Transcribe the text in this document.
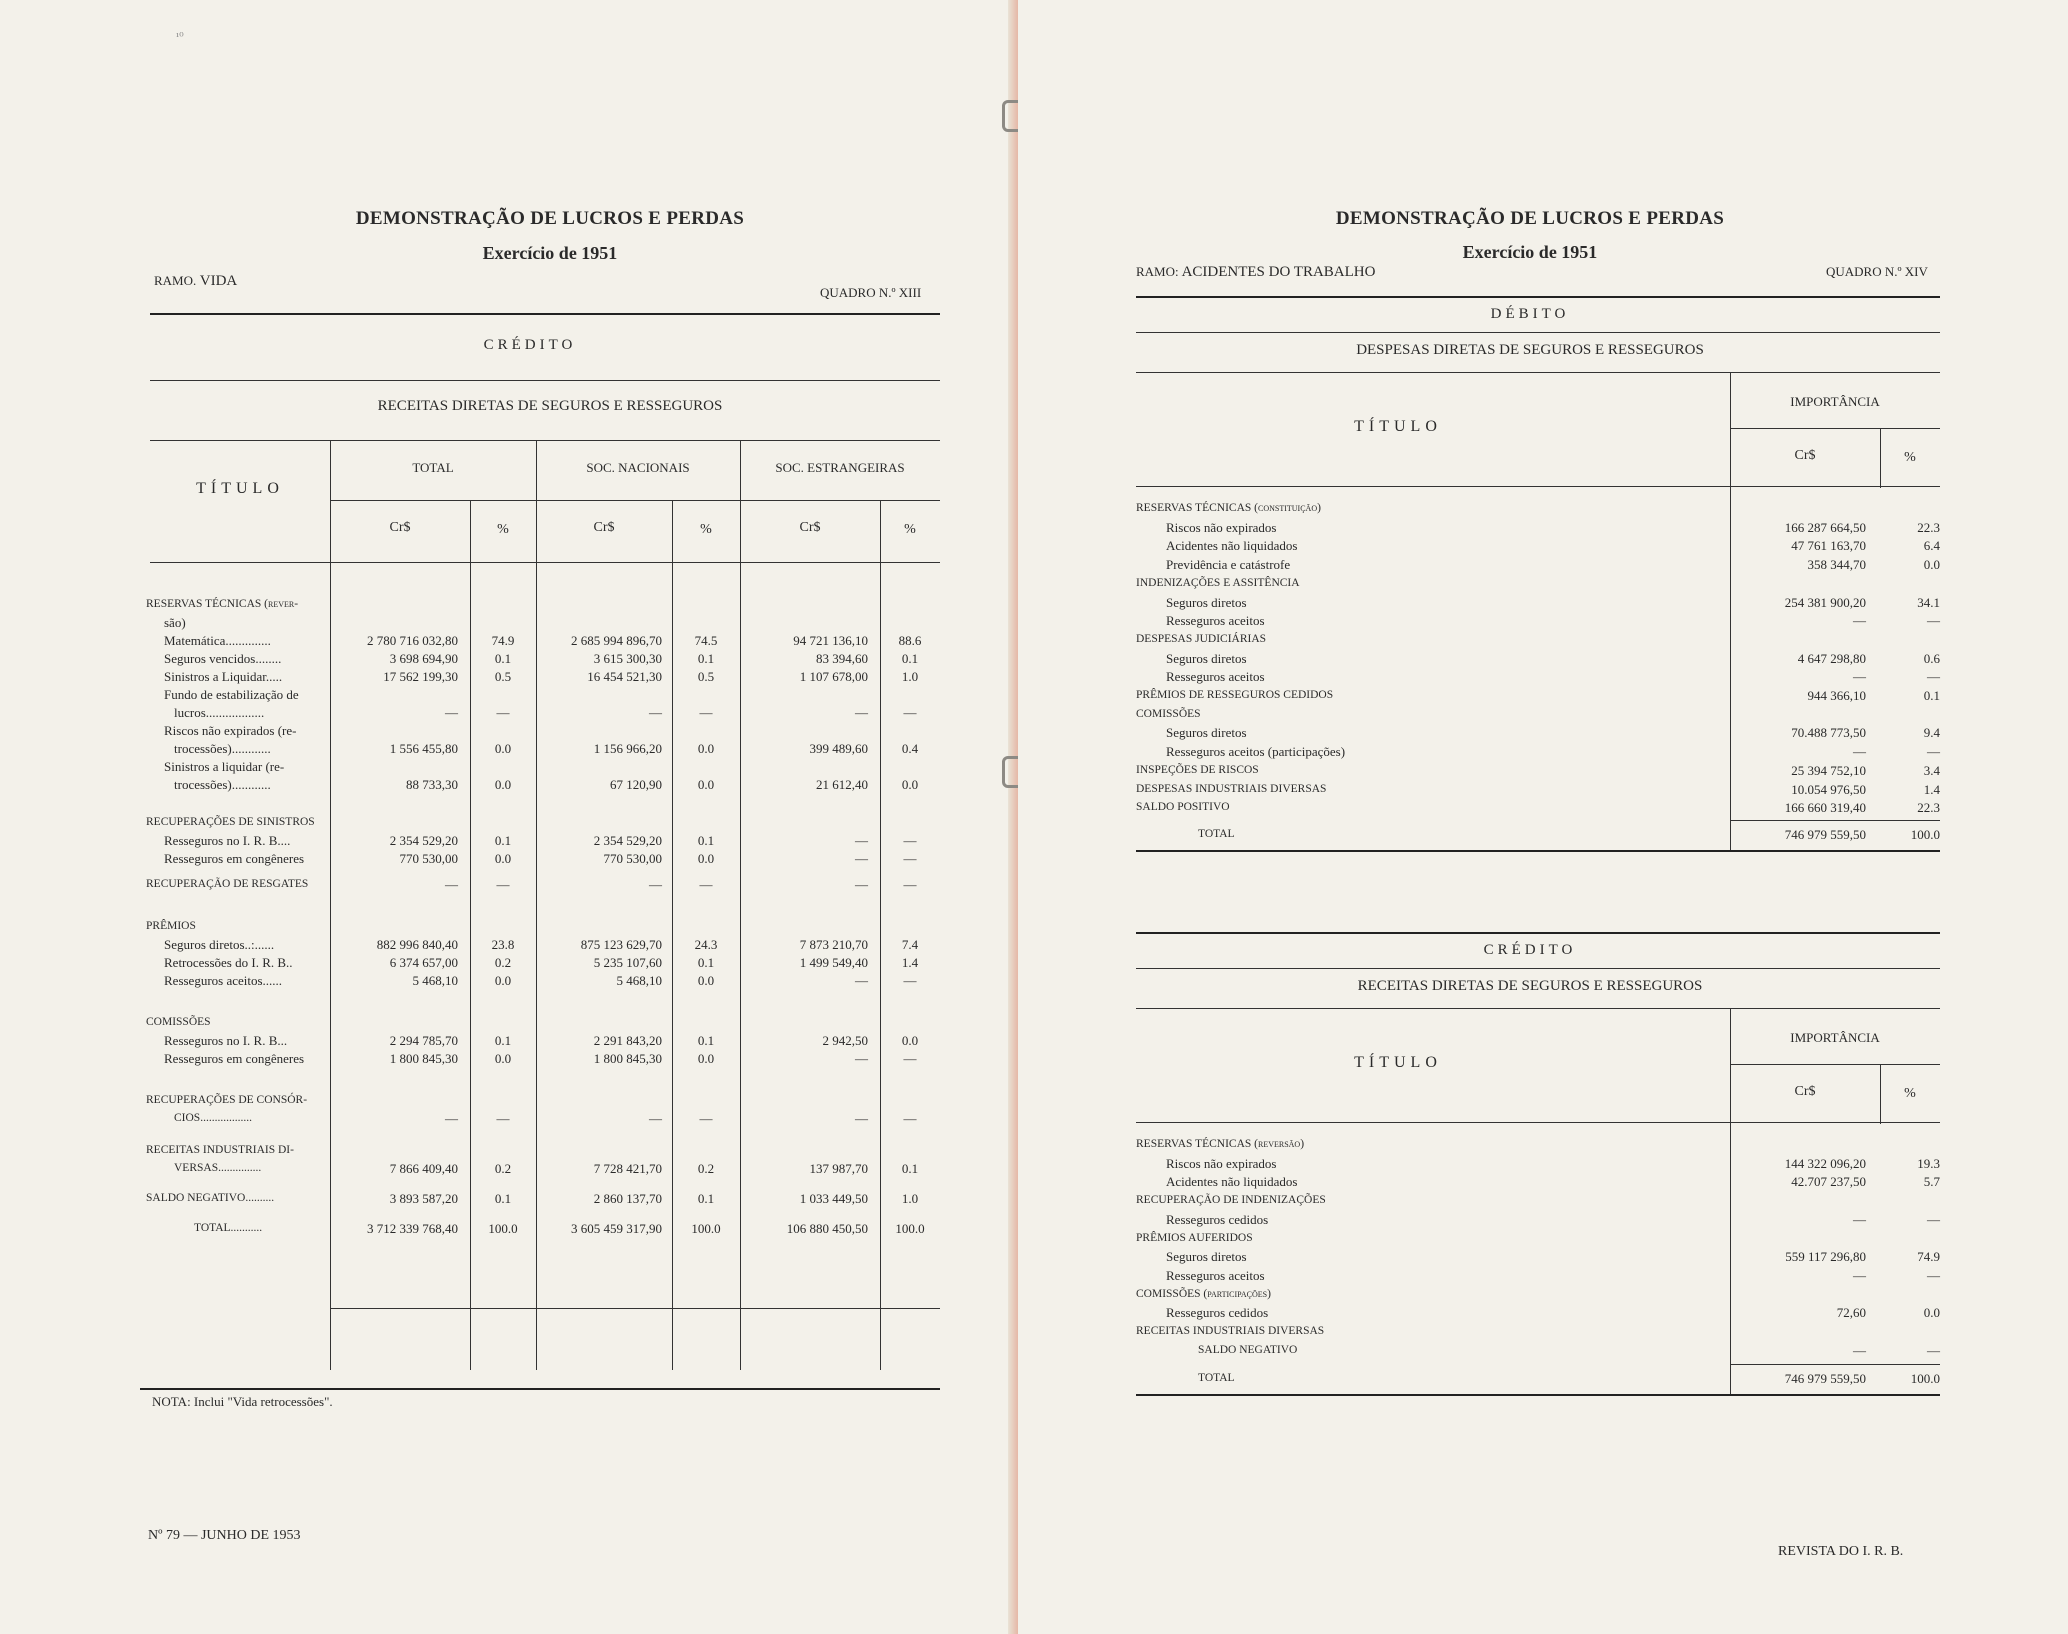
¹⁰
DEMONSTRAÇÃO DE LUCROS E PERDAS
Exercício de 1951
RAMO. VIDA
QUADRO N.º XIII
CRÉDITO
RECEITAS DIRETAS DE SEGUROS E RESSEGUROS
TÍTULO
TOTAL	SOC. NACIONAIS	SOC. ESTRANGEIRAS
Cr$	%	Cr$	%	Cr$	%
RESERVAS TÉCNICAS (rever-
são)
Matemática..............	2 780 716 032,80	74.9	2 685 994 896,70	74.5	94 721 136,10	88.6
Seguros vencidos........	3 698 694,90	0.1	3 615 300,30	0.1	83 394,60	0.1
Sinistros a Liquidar.....	17 562 199,30	0.5	16 454 521,30	0.5	1 107 678,00	1.0
Fundo de estabilização de
lucros..................	—	—	—	—	—	—
Riscos não expirados (re-
trocessões)............	1 556 455,80	0.0	1 156 966,20	0.0	399 489,60	0.4
Sinistros a liquidar (re-
trocessões)............	88 733,30	0.0	67 120,90	0.0	21 612,40	0.0
RECUPERAÇÕES DE SINISTROS
Resseguros no I. R. B....	2 354 529,20	0.1	2 354 529,20	0.1	—	—
Resseguros em congêneres	770 530,00	0.0	770 530,00	0.0	—	—
RECUPERAÇÃO DE RESGATES	—	—	—	—	—	—
PRÊMIOS
Seguros diretos..:......	882 996 840,40	23.8	875 123 629,70	24.3	7 873 210,70	7.4
Retrocessões do I. R. B..	6 374 657,00	0.2	5 235 107,60	0.1	1 499 549,40	1.4
Resseguros aceitos......	5 468,10	0.0	5 468,10	0.0	—	—
COMISSÕES
Resseguros no I. R. B...	2 294 785,70	0.1	2 291 843,20	0.1	2 942,50	0.0
Resseguros em congêneres	1 800 845,30	0.0	1 800 845,30	0.0	—	—
RECUPERAÇÕES DE CONSÓR-
CIOS..................	—	—	—	—	—	—
RECEITAS INDUSTRIAIS DI-
VERSAS...............	7 866 409,40	0.2	7 728 421,70	0.2	137 987,70	0.1
SALDO NEGATIVO..........	3 893 587,20	0.1	2 860 137,70	0.1	1 033 449,50	1.0
TOTAL...........	3 712 339 768,40	100.0	3 605 459 317,90	100.0	106 880 450,50	100.0
NOTA: Inclui "Vida retrocessões".
Nº 79 — JUNHO DE 1953
DEMONSTRAÇÃO DE LUCROS E PERDAS
Exercício de 1951
RAMO: ACIDENTES DO TRABALHO	QUADRO N.º XIV
DÉBITO
DESPESAS DIRETAS DE SEGUROS E RESSEGUROS
TÍTULO
IMPORTÂNCIA
Cr$	%
RESERVAS TÉCNICAS (constituição)
Riscos não expirados	166 287 664,50	22.3
Acidentes não liquidados	47 761 163,70	6.4
Previdência e catástrofe	358 344,70	0.0
INDENIZAÇÕES E ASSITÊNCIA
Seguros diretos	254 381 900,20	34.1
Resseguros aceitos	—	—
DESPESAS JUDICIÁRIAS
Seguros diretos	4 647 298,80	0.6
Resseguros aceitos	—	—
PRÊMIOS DE RESSEGUROS CEDIDOS	944 366,10	0.1
COMISSÕES
Seguros diretos	70.488 773,50	9.4
Resseguros aceitos (participações)	—	—
INSPEÇÕES DE RISCOS	25 394 752,10	3.4
DESPESAS INDUSTRIAIS DIVERSAS	10.054 976,50	1.4
SALDO POSITIVO	166 660 319,40	22.3
TOTAL	746 979 559,50	100.0
CRÉDITO
RECEITAS DIRETAS DE SEGUROS E RESSEGUROS
TÍTULO
IMPORTÂNCIA
Cr$	%
RESERVAS TÉCNICAS (reversão)
Riscos não expirados	144 322 096,20	19.3
Acidentes não liquidados	42.707 237,50	5.7
RECUPERAÇÃO DE INDENIZAÇÕES
Resseguros cedidos	—	—
PRÊMIOS AUFERIDOS
Seguros diretos	559 117 296,80	74.9
Resseguros aceitos	—	—
COMISSÕES (participações)
Resseguros cedidos	72,60	0.0
RECEITAS INDUSTRIAIS DIVERSAS
SALDO NEGATIVO	—	—
TOTAL	746 979 559,50	100.0
REVISTA DO I. R. B.
